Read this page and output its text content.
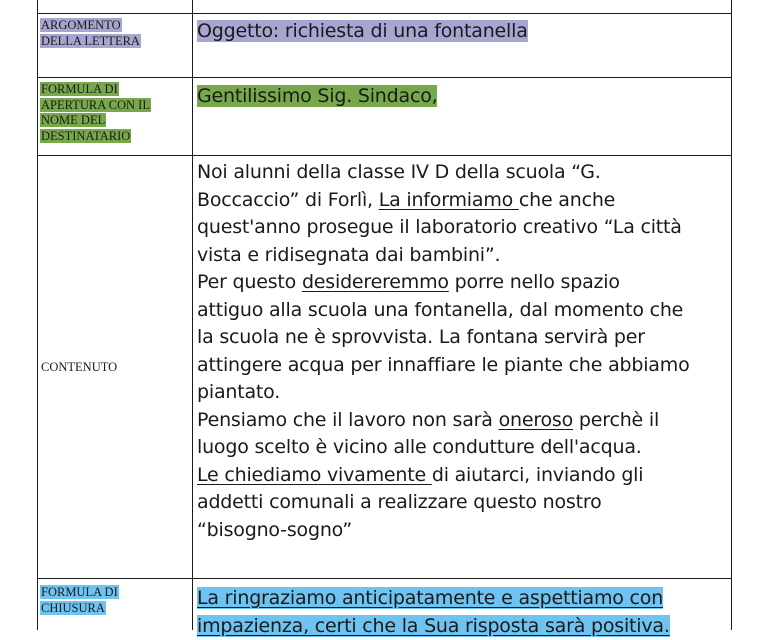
ARGOMENTO
DELLA LETTERA	Oggetto: richiesta di una fontanella
FORMULA DI
APERTURA CON IL
NOME DEL
DESTINATARIO
Gentilissimo Sig. Sindaco,
CONTENUTO
Noi alunni della classe IV D della scuola “G.
Boccaccio” di Forlì, La informiamo che anche
quest'anno prosegue il laboratorio creativo “La città
vista e ridisegnata dai bambini”.
Per questo desidereremmo porre nello spazio
attiguo alla scuola una fontanella, dal momento che
la scuola ne è sprovvista. La fontana servirà per
attingere acqua per innaffiare le piante che abbiamo
piantato.
Pensiamo che il lavoro non sarà oneroso perchè il
luogo scelto è vicino alle condutture dell'acqua.
Le chiediamo vivamente di aiutarci, inviando gli
addetti comunali a realizzare questo nostro
“bisogno-sogno”
FORMULA DI
CHIUSURA	La ringraziamo anticipatamente e aspettiamo con
impazienza, certi che la Sua risposta sarà positiva.
